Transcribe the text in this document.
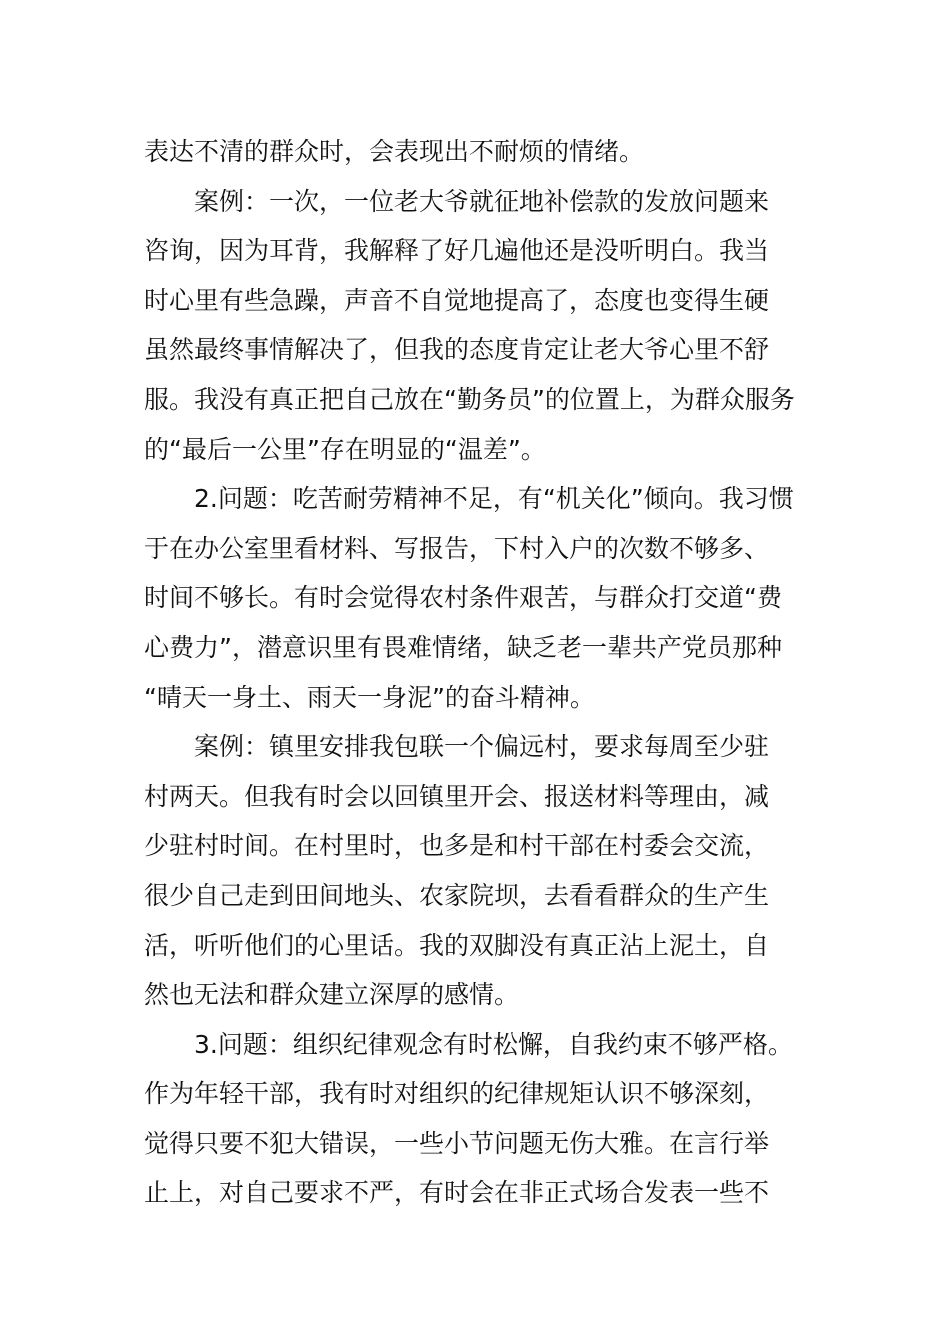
表达不清的群众时，会表现出不耐烦的情绪。
案例：一次，一位老大爷就征地补偿款的发放问题来
咨询，因为耳背，我解释了好几遍他还是没听明白。我当
时心里有些急躁，声音不自觉地提高了，态度也变得生硬
虽然最终事情解决了，但我的态度肯定让老大爷心里不舒
服。我没有真正把自己放在“勤务员”的位置上，为群众服务
的“最后一公里”存在明显的“温差”。
2.问题：吃苦耐劳精神不足，有“机关化”倾向。我习惯
于在办公室里看材料、写报告，下村入户的次数不够多、
时间不够长。有时会觉得农村条件艰苦，与群众打交道“费
心费力”，潜意识里有畏难情绪，缺乏老一辈共产党员那种
“晴天一身土、雨天一身泥”的奋斗精神。
案例：镇里安排我包联一个偏远村，要求每周至少驻
村两天。但我有时会以回镇里开会、报送材料等理由，减
少驻村时间。在村里时，也多是和村干部在村委会交流，
很少自己走到田间地头、农家院坝，去看看群众的生产生
活，听听他们的心里话。我的双脚没有真正沾上泥土，自
然也无法和群众建立深厚的感情。
3.问题：组织纪律观念有时松懈，自我约束不够严格。
作为年轻干部，我有时对组织的纪律规矩认识不够深刻，
觉得只要不犯大错误，一些小节问题无伤大雅。在言行举
止上，对自己要求不严，有时会在非正式场合发表一些不
